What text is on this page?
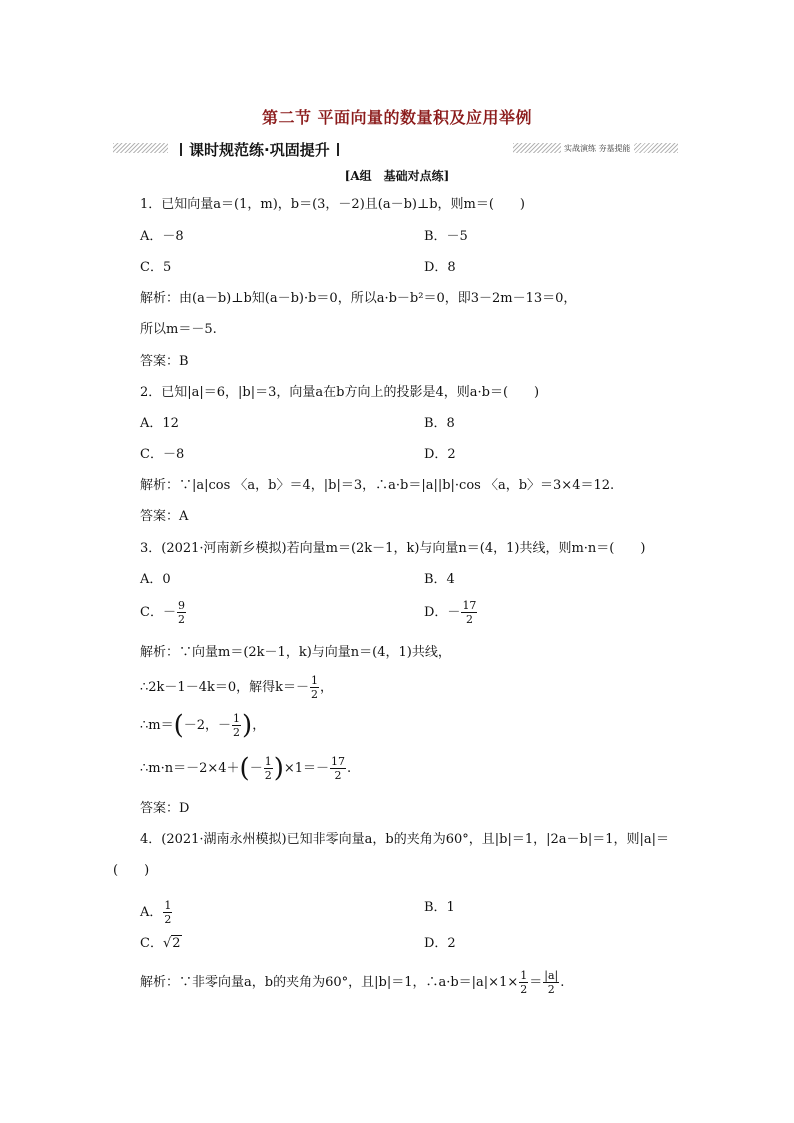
第二节 平面向量的数量积及应用举例
课时规范练·巩固提升	实战演练 夯基提能
[A组　基础对点练]
1．已知向量a＝(1，m)，b＝(3，－2)且(a－b)⊥b，则m＝(　　)
A．－8	B．－5
C．5	D．8
解析：由(a－b)⊥b知(a－b)·b＝0，所以a·b－b²＝0，即3－2m－13＝0，
所以m＝－5.
答案：B
2．已知|a|＝6，|b|＝3，向量a在b方向上的投影是4，则a·b＝(　　)
A．12	B．8
C．－8	D．2
解析：∵|a|cos 〈a，b〉＝4，|b|＝3，∴a·b＝|a||b|·cos 〈a，b〉＝3×4＝12.
答案：A
3．(2021·河南新乡模拟)若向量m＝(2k－1，k)与向量n＝(4，1)共线，则m·n＝(　　)
A．0	B．4
C．－ $\frac{9}{2}$	D．－ $\frac{17}{2}$
解析：∵向量m＝(2k－1，k)与向量n＝(4，1)共线，
∴2k－1－4k＝0，解得$k=- \frac{1}{2}$ ，
∴m＝(－2，－ $\frac{1}{2}$ )，
∴m·n＝－2×4＋(－ $\frac{1}{2} )\times 1=- \frac{17}{2}$ .
答案：D
4．(2021·湖南永州模拟)已知非零向量a，b的夹角为60°，且|b|＝1，|2a－b|＝1，则|a|＝
(　　)
A． $\frac{1}{2}$	B．1
C．√2	D．2
解析：∵非零向量a，b的夹角为60°，且|b|＝1，∴a·b＝|a|×1× $\frac{1}{2} = \frac{|a|}{2}$ .
